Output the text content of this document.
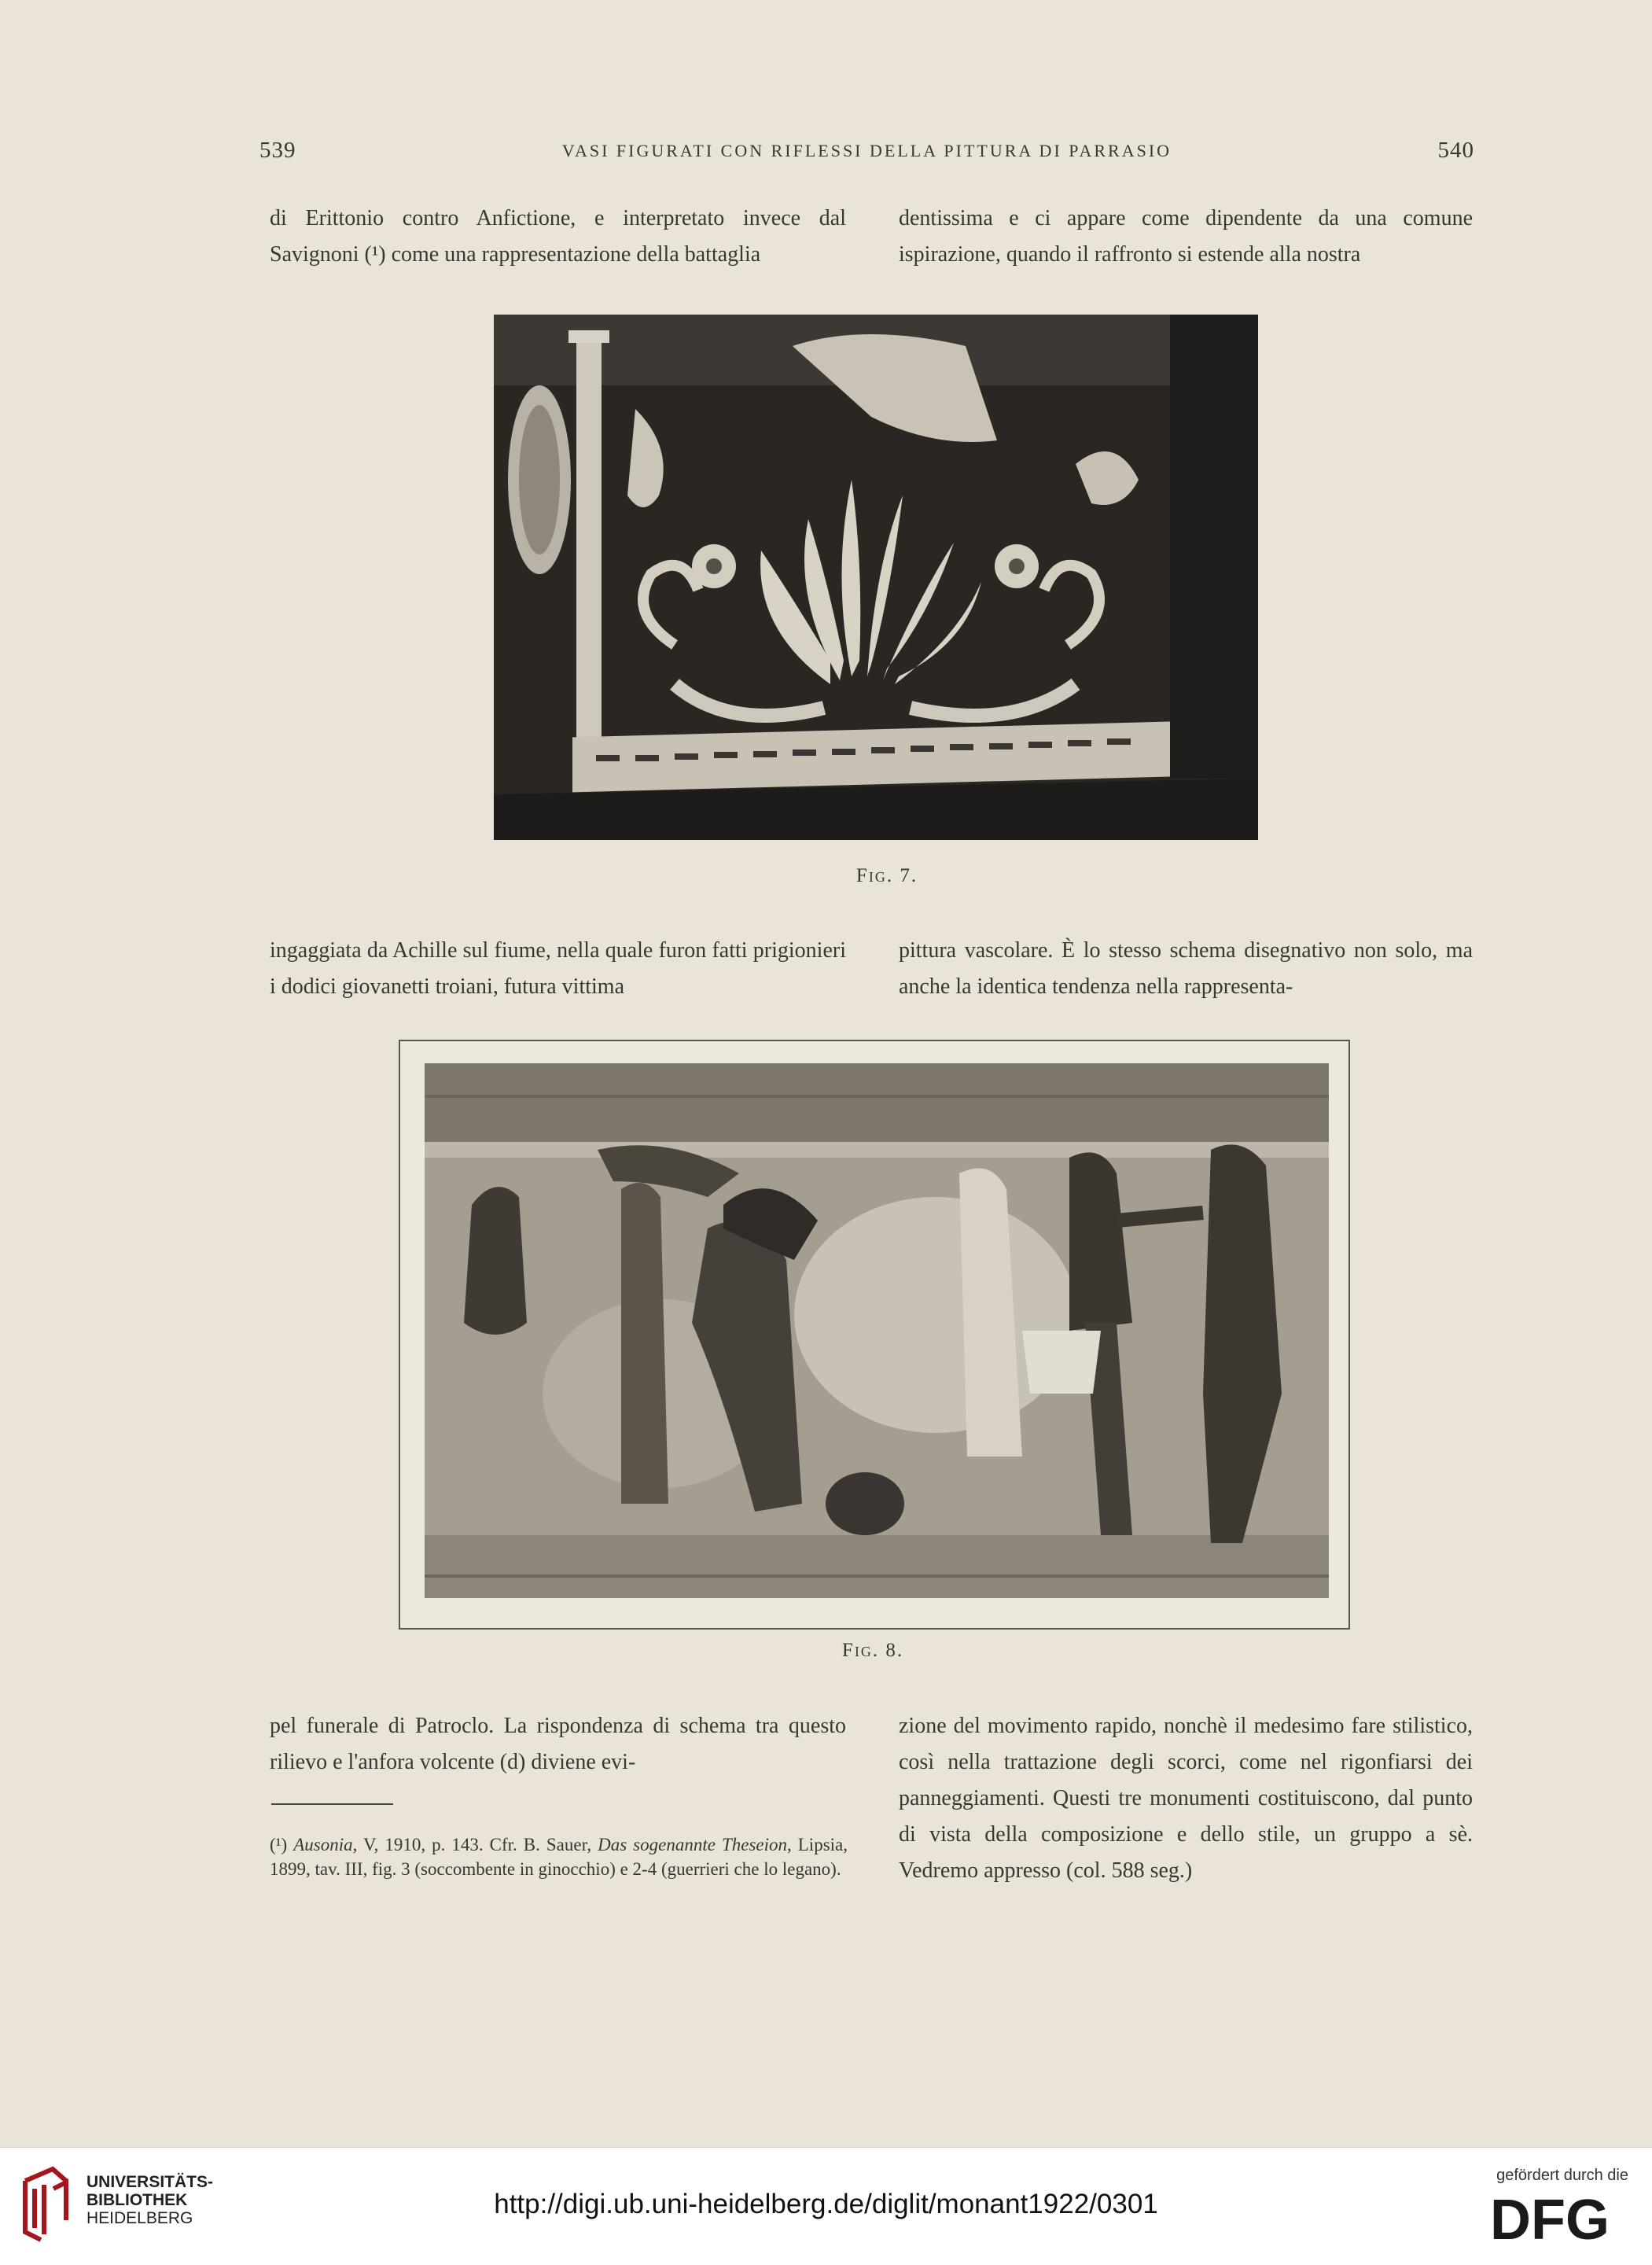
539	VASI FIGURATI CON RIFLESSI DELLA PITTURA DI PARRASIO	540

di Erittonio contro Anfictione, e interpretato invece dal Savignoni (¹) come una rappresentazione della battaglia

dentissima e ci appare come dipendente da una comune ispirazione, quando il raffronto si estende alla nostra

Fig. 7.

ingaggiata da Achille sul fiume, nella quale furon fatti prigionieri i dodici giovanetti troiani, futura vittima

pittura vascolare. È lo stesso schema disegnativo non solo, ma anche la identica tendenza nella rappresenta-

Fig. 8.

pel funerale di Patroclo. La rispondenza di schema tra questo rilievo e l'anfora volcente (d) diviene evi-

zione del movimento rapido, nonchè il medesimo fare stilistico, così nella trattazione degli scorci, come nel rigonfiarsi dei panneggiamenti. Questi tre monumenti costituiscono, dal punto di vista della composizione e dello stile, un gruppo a sè. Vedremo appresso (col. 588 seg.)

(¹) Ausonia, V, 1910, p. 143. Cfr. B. Sauer, Das sogenannte Theseion, Lipsia, 1899, tav. III, fig. 3 (soccombente in ginocchio) e 2-4 (guerrieri che lo legano).

UNIVERSITÄTS-
BIBLIOTHEK
HEIDELBERG	http://digi.ub.uni-heidelberg.de/diglit/monant1922/0301
gefördert durch die
DFG
